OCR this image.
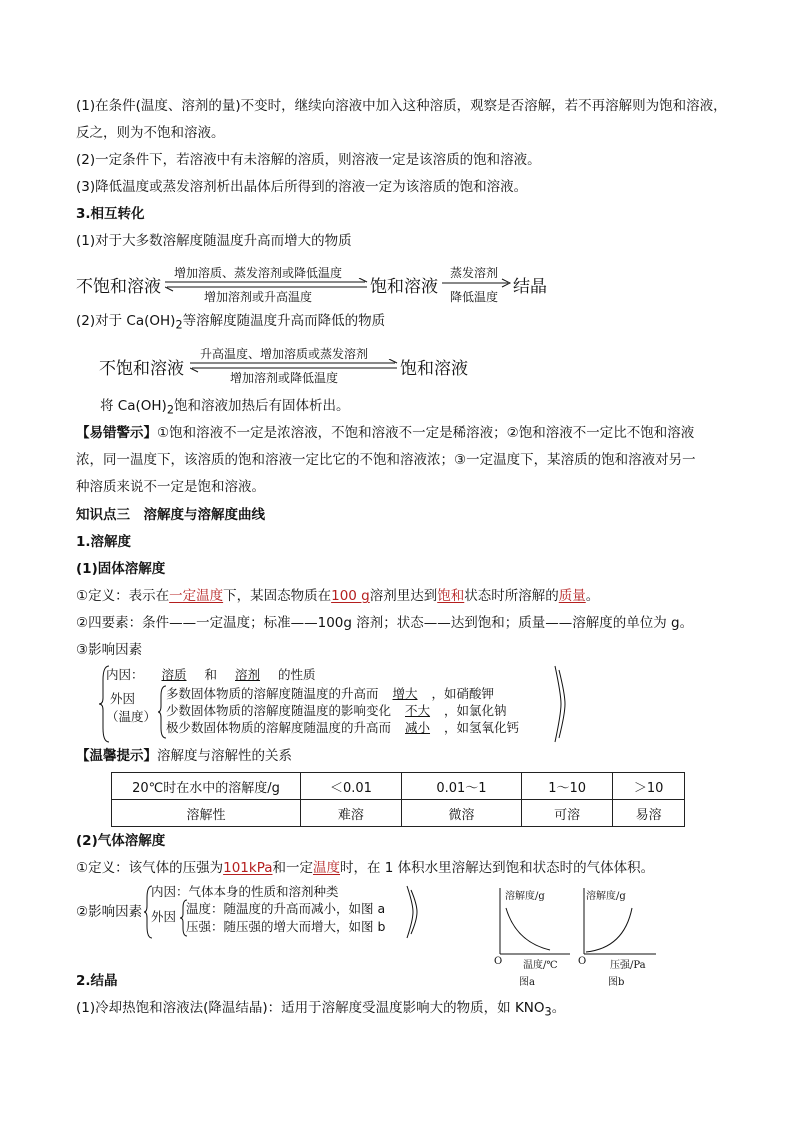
(1)在条件(温度、溶剂的量)不变时，继续向溶液中加入这种溶质，观察是否溶解，若不再溶解则为饱和溶液，
反之，则为不饱和溶液。
(2)一定条件下，若溶液中有未溶解的溶质，则溶液一定是该溶质的饱和溶液。
(3)降低温度或蒸发溶剂析出晶体后所得到的溶液一定为该溶质的饱和溶液。
3.相互转化
(1)对于大多数溶解度随温度升高而增大的物质
不饱和溶液
增加溶质、蒸发溶剂或降低温度
增加溶剂或升高温度	饱和溶液
蒸发溶剂
降低温度 结晶
(2)对于 $Ca(OH)_2$等溶解度随温度升高而降低的物质
不饱和溶液
升高温度、增加溶质或蒸发溶剂
增加溶剂或降低温度	饱和溶液
将 $Ca(OH)_2$饱和溶液加热后有固体析出。
【易错警示】①饱和溶液不一定是浓溶液，不饱和溶液不一定是稀溶液；②饱和溶液不一定比不饱和溶液
浓，同一温度下，该溶质的饱和溶液一定比它的不饱和溶液浓；③一定温度下，某溶质的饱和溶液对另一
种溶质来说不一定是饱和溶液。
知识点三　溶解度与溶解度曲线
1.溶解度
(1)固体溶解度
①定义：表示在一定温度下，某固态物质在100 g溶剂里达到饱和状态时所溶解的质量。
②四要素：条件——一定温度；标准——100g 溶剂；状态——达到饱和；质量——溶解度的单位为 g。
③影响因素
内因： 溶质 和 溶剂 的性质
外因
（温度）
多数固体物质的溶解度随温度的升高而 增大 ，如硝酸钾
少数固体物质的溶解度随温度的影响变化 不大 ，如氯化钠
极少数固体物质的溶解度随温度的升高而 减小 ，如氢氧化钙
【温馨提示】溶解度与溶解性的关系
20℃时在水中的溶解度/g	＜0.01	0.01～1	1～10	＞10
溶解性	难溶	微溶	可溶	易溶
(2)气体溶解度
①定义：该气体的压强为101kPa和一定温度时，在 1 体积水里溶解达到饱和状态时的气体体积。
②影响因素
内因：气体本身的性质和溶剂种类
外因
温度：随温度的升高而减小，如图 a
压强：随压强的增大而增大，如图 b
溶解度/g
O 温度/℃
图a
溶解度/g
O 压强/Pa
图b
2.结晶
(1)冷却热饱和溶液法(降温结晶)：适用于溶解度受温度影响大的物质，如 $KNO_3$。
